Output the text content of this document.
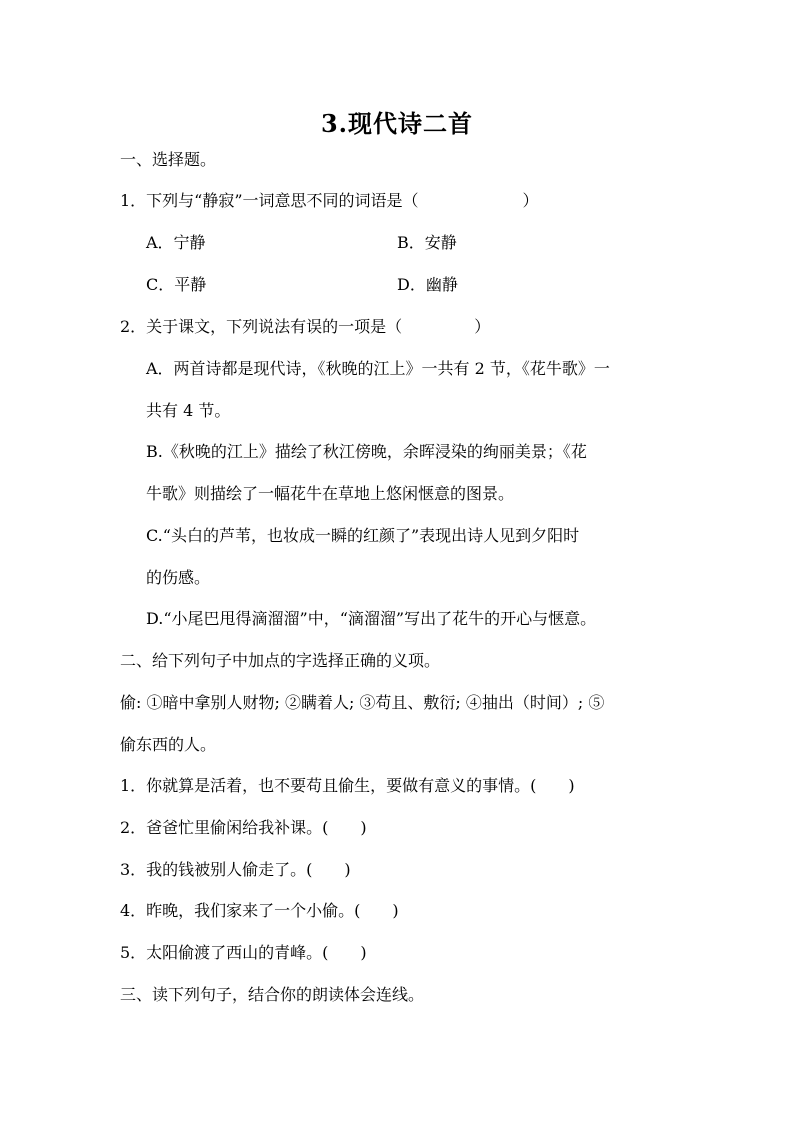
3.现代诗二首
一、选择题。
1．下列与“静寂”一词意思不同的词语是（	）
A．宁静	B．安静
C．平静	D．幽静
2．关于课文，下列说法有误的一项是（	）
A．两首诗都是现代诗，《秋晚的江上》一共有 2 节，《花牛歌》一
共有 4 节。
B.《秋晚的江上》描绘了秋江傍晚，余晖浸染的绚丽美景；《花
牛歌》则描绘了一幅花牛在草地上悠闲惬意的图景。
C.“头白的芦苇，也妆成一瞬的红颜了”表现出诗人见到夕阳时
的伤感。
D.“小尾巴甩得滴溜溜”中，“滴溜溜”写出了花牛的开心与惬意。
二、给下列句子中加点的字选择正确的义项。
偷: ①暗中拿别人财物; ②瞒着人; ③苟且、敷衍; ④抽出（时间）; ⑤
偷东西的人。
1．你就算是活着，也不要苟且偷生，要做有意义的事情。(　　)
2．爸爸忙里偷闲给我补课。(　　)
3．我的钱被别人偷走了。(　　)
4．昨晚，我们家来了一个小偷。(　　)
5．太阳偷渡了西山的青峰。(　　)
三、读下列句子，结合你的朗读体会连线。
